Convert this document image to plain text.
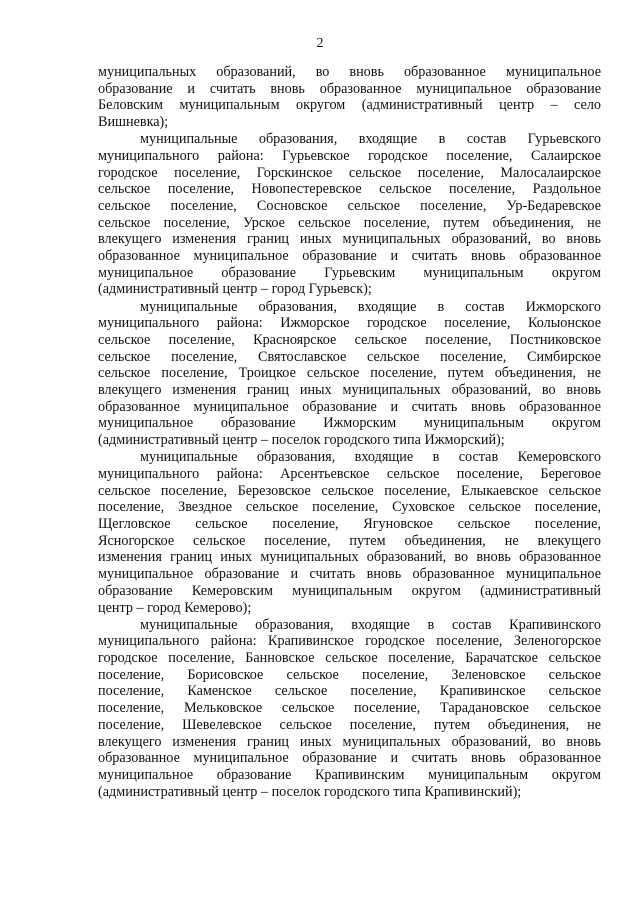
2

муниципальных образований, во вновь образованное муниципальное
образование и считать вновь образованное муниципальное образование
Беловским муниципальным округом (административный центр – село
Вишневка);

муниципальные образования, входящие в состав Гурьевского
муниципального района: Гурьевское городское поселение, Салаирское
городское поселение, Горскинское сельское поселение, Малосалаирское
сельское поселение, Новопестеревское сельское поселение, Раздольное
сельское поселение, Сосновское сельское поселение, Ур-Бедаревское
сельское поселение, Урское сельское поселение, путем объединения, не
влекущего изменения границ иных муниципальных образований, во вновь
образованное муниципальное образование и считать вновь образованное
муниципальное образование Гурьевским муниципальным округом
(административный центр – город Гурьевск);

муниципальные образования, входящие в состав Ижморского
муниципального района: Ижморское городское поселение, Колыонское
сельское поселение, Красноярское сельское поселение, Постниковское
сельское поселение, Святославское сельское поселение, Симбирское
сельское поселение, Троицкое сельское поселение, путем объединения, не
влекущего изменения границ иных муниципальных образований, во вновь
образованное муниципальное образование и считать вновь образованное
муниципальное образование Ижморским муниципальным округом
(административный центр – поселок городского типа Ижморский);

муниципальные образования, входящие в состав Кемеровского
муниципального района: Арсентьевское сельское поселение, Береговое
сельское поселение, Березовское сельское поселение, Елыкаевское сельское
поселение, Звездное сельское поселение, Суховское сельское поселение,
Щегловское сельское поселение, Ягуновское сельское поселение,
Ясногорское сельское поселение, путем объединения, не влекущего
изменения границ иных муниципальных образований, во вновь образованное
муниципальное образование и считать вновь образованное муниципальное
образование Кемеровским муниципальным округом (административный
центр – город Кемерово);

муниципальные образования, входящие в состав Крапивинского
муниципального района: Крапивинское городское поселение, Зеленогорское
городское поселение, Банновское сельское поселение, Барачатское сельское
поселение, Борисовское сельское поселение, Зеленовское сельское
поселение, Каменское сельское поселение, Крапивинское сельское
поселение, Мельковское сельское поселение, Тарадановское сельское
поселение, Шевелевское сельское поселение, путем объединения, не
влекущего изменения границ иных муниципальных образований, во вновь
образованное муниципальное образование и считать вновь образованное
муниципальное образование Крапивинским муниципальным округом
(административный центр – поселок городского типа Крапивинский);
